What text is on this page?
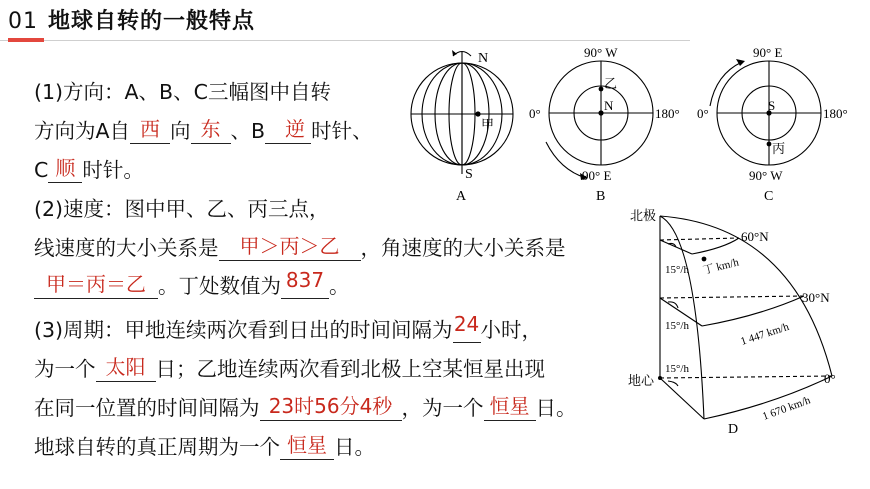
01 地球自转的一般特点
(1)方向：A、B、C三幅图中自转
方向为A自 西 向 东 、B	逆 时针、
C 顺 时针。
(2)速度：图中甲、乙、丙三点，
线速度的大小关系是	甲＞丙＞乙	，角速度的大小关系是
甲＝丙＝乙 。丁处数值为 837 。
(3)周期：甲地连续两次看到日出的时间间隔为 24 小时，
为一个 太阳 日；乙地连续两次看到北极上空某恒星出现
在同一位置的时间间隔为 23时56分4秒 ，为一个 恒星 日。
地球自转的真正周期为一个 恒星 日。
N
S
甲
A
90° W
90° E
0°	180°
N
乙
B
90° E
90° W
0°	180°
S
丙
C
北极
地心
60°N
30°N
0°
15°/h
15°/h
15°/h
丁 km/h
1 447 km/h
1 670 km/h
D
